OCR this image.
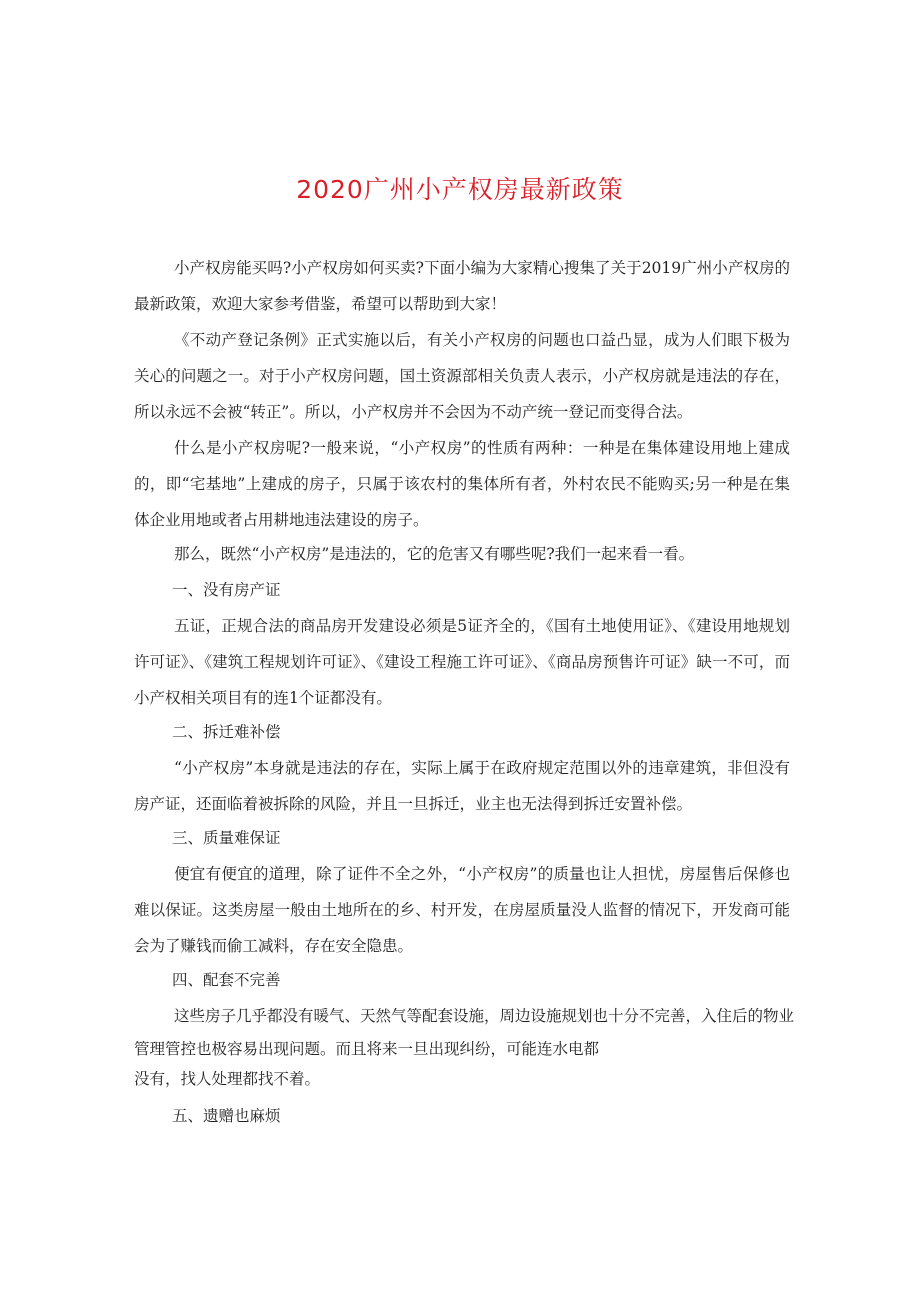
2020广州小产权房最新政策

小产权房能买吗?小产权房如何买卖?下面小编为大家精心搜集了关于2019广州小产权房的最新政策，欢迎大家参考借鉴，希望可以帮助到大家！

《不动产登记条例》正式实施以后，有关小产权房的问题也口益凸显，成为人们眼下极为关心的问题之一。对于小产权房问题，国土资源部相关负责人表示，小产权房就是违法的存在，所以永远不会被“转正”。所以，小产权房并不会因为不动产统一登记而变得合法。

什么是小产权房呢?一般来说，“小产权房”的性质有两种：一种是在集体建设用地上建成的，即“宅基地”上建成的房子，只属于该农村的集体所有者，外村农民不能购买;另一种是在集体企业用地或者占用耕地违法建设的房子。

那么，既然“小产权房”是违法的，它的危害又有哪些呢?我们一起来看一看。

一、没有房产证

五证，正规合法的商品房开发建设必须是5证齐全的，《国有土地使用证》、《建设用地规划许可证》、《建筑工程规划许可证》、《建设工程施工许可证》、《商品房预售许可证》缺一不可，而小产权相关项目有的连1个证都没有。

二、拆迁难补偿

“小产权房”本身就是违法的存在，实际上属于在政府规定范围以外的违章建筑，非但没有房产证，还面临着被拆除的风险，并且一旦拆迁，业主也无法得到拆迁安置补偿。

三、质量难保证

便宜有便宜的道理，除了证件不全之外，“小产权房”的质量也让人担忧，房屋售后保修也难以保证。这类房屋一般由土地所在的乡、村开发，在房屋质量没人监督的情况下，开发商可能会为了赚钱而偷工减料，存在安全隐患。

四、配套不完善

这些房子几乎都没有暖气、天然气等配套设施，周边设施规划也十分不完善，入住后的物业
管理管控也极容易出现问题。而且将来一旦出现纠纷，可能连水电都
没有，找人处理都找不着。

五、遗赠也麻烦
